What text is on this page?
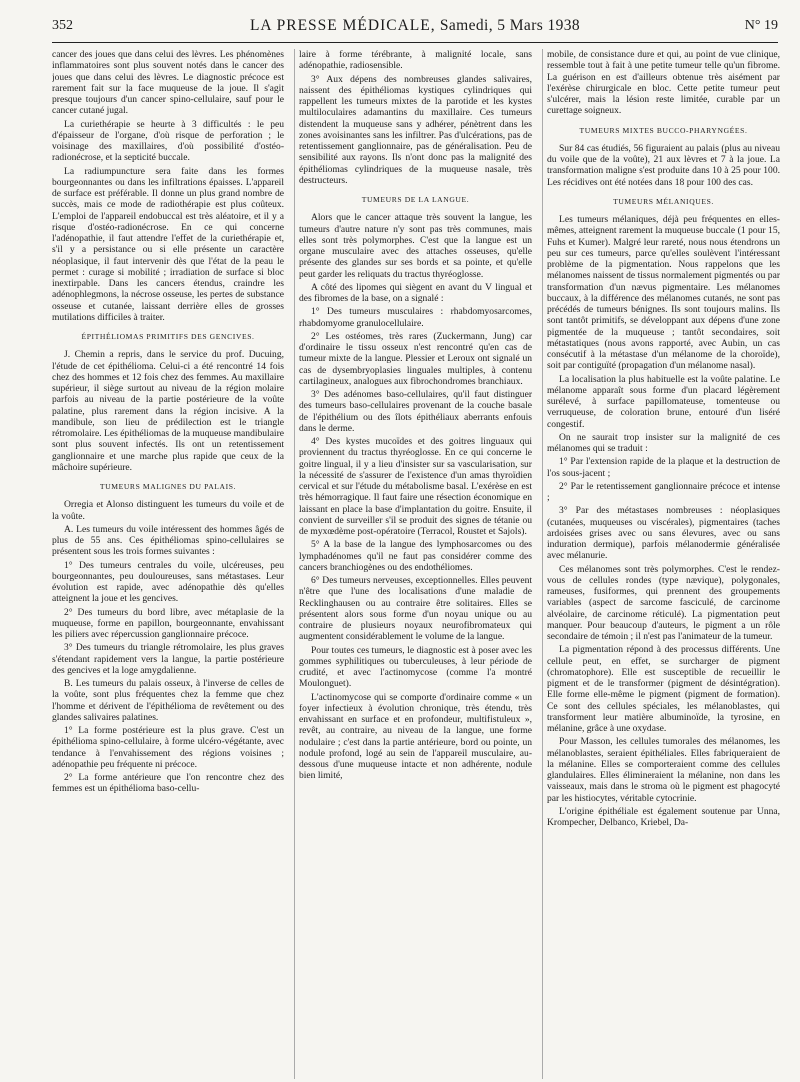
352	LA PRESSE MÉDICALE, Samedi, 5 Mars 1938	N° 19

cancer des joues que dans celui des lèvres. Les phénomènes inflammatoires sont plus souvent notés dans le cancer des joues que dans celui des lèvres. Le diagnostic précoce est rarement fait sur la face muqueuse de la joue. Il s'agit presque toujours d'un cancer spino-cellulaire, sauf pour le cancer cutané jugal.

La curiethérapie se heurte à 3 difficultés : le peu d'épaisseur de l'organe, d'où risque de perforation ; le voisinage des maxillaires, d'où possibilité d'ostéo-radionécrose, et la septicité buccale.

La radiumpuncture sera faite dans les formes bourgeonnantes ou dans les infiltrations épaisses. L'appareil de surface est préférable. Il donne un plus grand nombre de succès, mais ce mode de radiothérapie est plus coûteux. L'emploi de l'appareil endobuccal est très aléatoire, et il y a risque d'ostéo-radionécrose. En ce qui concerne l'adénopathie, il faut attendre l'effet de la curiethérapie et, s'il y a persistance ou si elle présente un caractère néoplasique, il faut intervenir dès que l'état de la peau le permet : curage si mobilité ; irradiation de surface si bloc inextirpable. Dans les cancers étendus, craindre les adénophlegmons, la nécrose osseuse, les pertes de substance osseuse et cutanée, laissant derrière elles de grosses mutilations difficiles à traiter.

ÉPITHÉLIOMAS PRIMITIFS DES GENCIVES.

J. Chemin a repris, dans le service du prof. Ducuing, l'étude de cet épithélioma. Celui-ci a été rencontré 14 fois chez des hommes et 12 fois chez des femmes. Au maxillaire supérieur, il siège surtout au niveau de la région molaire parfois au niveau de la partie postérieure de la voûte palatine, plus rarement dans la région incisive. A la mandibule, son lieu de prédilection est le triangle rétromolaire. Les épithéliomas de la muqueuse mandibulaire sont plus souvent infectés. Ils ont un retentissement ganglionnaire et une marche plus rapide que ceux de la mâchoire supérieure.

TUMEURS MALIGNES DU PALAIS.

Orregia et Alonso distinguent les tumeurs du voile et de la voûte.

A. Les tumeurs du voile intéressent des hommes âgés de plus de 55 ans. Ces épithéliomas spino-cellulaires se présentent sous les trois formes suivantes :

1° Des tumeurs centrales du voile, ulcéreuses, peu bourgeonnantes, peu douloureuses, sans métastases. Leur évolution est rapide, avec adénopathie dès qu'elles atteignent la joue et les gencives.

2° Des tumeurs du bord libre, avec métaplasie de la muqueuse, forme en papillon, bourgeonnante, envahissant les piliers avec répercussion ganglionnaire précoce.

3° Des tumeurs du triangle rétromolaire, les plus graves s'étendant rapidement vers la langue, la partie postérieure des gencives et la loge amygdalienne.

B. Les tumeurs du palais osseux, à l'inverse de celles de la voûte, sont plus fréquentes chez la femme que chez l'homme et dérivent de l'épithélioma de revêtement ou des glandes salivaires palatines.

1° La forme postérieure est la plus grave. C'est un épithélioma spino-cellulaire, à forme ulcéro-végétante, avec tendance à l'envahissement des régions voisines ; adénopathie peu fréquente ni précoce.

2° La forme antérieure que l'on rencontre chez des femmes est un épithélioma baso-cellu-

laire à forme térébrante, à malignité locale, sans adénopathie, radiosensible.

3° Aux dépens des nombreuses glandes salivaires, naissent des épithéliomas kystiques cylindriques qui rappellent les tumeurs mixtes de la parotide et les kystes multiloculaires adamantins du maxillaire. Ces tumeurs distendent la muqueuse sans y adhérer, pénètrent dans les zones avoisinantes sans les infiltrer. Pas d'ulcérations, pas de retentissement ganglionnaire, pas de généralisation. Peu de sensibilité aux rayons. Ils n'ont donc pas la malignité des épithéliomas cylindriques de la muqueuse nasale, très destructeurs.

TUMEURS DE LA LANGUE.

Alors que le cancer attaque très souvent la langue, les tumeurs d'autre nature n'y sont pas très communes, mais elles sont très polymorphes. C'est que la langue est un organe musculaire avec des attaches osseuses, qu'elle présente des glandes sur ses bords et sa pointe, et qu'elle peut garder les reliquats du tractus thyréoglosse.

A côté des lipomes qui siègent en avant du V lingual et des fibromes de la base, on a signalé :

1° Des tumeurs musculaires : rhabdomyosarcomes, rhabdomyome granulocellulaire.

2° Les ostéomes, très rares (Zuckermann, Jung) car d'ordinaire le tissu osseux n'est rencontré qu'en cas de tumeur mixte de la langue. Plessier et Leroux ont signalé un cas de dysembryoplasies linguales multiples, à contenu cartilagineux, analogues aux fibrochondromes branchiaux.

3° Des adénomes baso-cellulaires, qu'il faut distinguer des tumeurs baso-cellulaires provenant de la couche basale de l'épithélium ou des îlots épithéliaux aberrants enfouis dans le derme.

4° Des kystes mucoïdes et des goitres linguaux qui proviennent du tractus thyréoglosse. En ce qui concerne le goitre lingual, il y a lieu d'insister sur sa vascularisation, sur la nécessité de s'assurer de l'existence d'un amas thyroïdien cervical et sur l'étude du métabolisme basal. L'exérèse en est très hémorragique. Il faut faire une résection économique en laissant en place la base d'implantation du goitre. Ensuite, il convient de surveiller s'il se produit des signes de tétanie ou de myxœdème post-opératoire (Terracol, Roustet et Sajols).

5° A la base de la langue des lymphosarcomes ou des lymphadénomes qu'il ne faut pas considérer comme des cancers branchiogènes ou des endothéliomes.

6° Des tumeurs nerveuses, exceptionnelles. Elles peuvent n'être que l'une des localisations d'une maladie de Recklinghausen ou au contraire être solitaires. Elles se présentent alors sous forme d'un noyau unique ou au contraire de plusieurs noyaux neurofibromateux qui augmentent considérablement le volume de la langue.

Pour toutes ces tumeurs, le diagnostic est à poser avec les gommes syphilitiques ou tuberculeuses, à leur période de crudité, et avec l'actinomycose (comme l'a montré Moulonguet).

L'actinomycose qui se comporte d'ordinaire comme « un foyer infectieux à évolution chronique, très étendu, très envahissant en surface et en profondeur, multifistuleux », revêt, au contraire, au niveau de la langue, une forme nodulaire ; c'est dans la partie antérieure, bord ou pointe, un nodule profond, logé au sein de l'appareil musculaire, au-dessous d'une muqueuse intacte et non adhérente, nodule bien limité,

mobile, de consistance dure et qui, au point de vue clinique, ressemble tout à fait à une petite tumeur telle qu'un fibrome. La guérison en est d'ailleurs obtenue très aisément par l'exérèse chirurgicale en bloc. Cette petite tumeur peut s'ulcérer, mais la lésion reste limitée, curable par un curettage soigneux.

TUMEURS MIXTES BUCCO-PHARYNGÉES.

Sur 84 cas étudiés, 56 figuraient au palais (plus au niveau du voile que de la voûte), 21 aux lèvres et 7 à la joue. La transformation maligne s'est produite dans 10 à 25 pour 100. Les récidives ont été notées dans 18 pour 100 des cas.

TUMEURS MÉLANIQUES.

Les tumeurs mélaniques, déjà peu fréquentes en elles-mêmes, atteignent rarement la muqueuse buccale (1 pour 15, Fuhs et Kumer). Malgré leur rareté, nous nous étendrons un peu sur ces tumeurs, parce qu'elles soulèvent l'intéressant problème de la pigmentation. Nous rappelons que les mélanomes naissent de tissus normalement pigmentés ou par transformation d'un nævus pigmentaire. Les mélanomes buccaux, à la différence des mélanomes cutanés, ne sont pas précédés de tumeurs bénignes. Ils sont toujours malins. Ils sont tantôt primitifs, se développant aux dépens d'une zone pigmentée de la muqueuse ; tantôt secondaires, soit métastatiques (nous avons rapporté, avec Aubin, un cas consécutif à la métastase d'un mélanome de la choroïde), soit par contiguïté (propagation d'un mélanome nasal).

La localisation la plus habituelle est la voûte palatine. Le mélanome apparaît sous forme d'un placard légèrement surélevé, à surface papillomateuse, tomenteuse ou verruqueuse, de coloration brune, entouré d'un liséré congestif.

On ne saurait trop insister sur la malignité de ces mélanomes qui se traduit :

1° Par l'extension rapide de la plaque et la destruction de l'os sous-jacent ;

2° Par le retentissement ganglionnaire précoce et intense ;

3° Par des métastases nombreuses : néoplasiques (cutanées, muqueuses ou viscérales), pigmentaires (taches ardoisées grises avec ou sans élevures, avec ou sans induration dermique), parfois mélanodermie généralisée avec mélanurie.

Ces mélanomes sont très polymorphes. C'est le rendez-vous de cellules rondes (type nævique), polygonales, rameuses, fusiformes, qui prennent des groupements variables (aspect de sarcome fasciculé, de carcinome alvéolaire, de carcinome réticulé). La pigmentation peut manquer. Pour beaucoup d'auteurs, le pigment a un rôle secondaire de témoin ; il n'est pas l'animateur de la tumeur.

La pigmentation répond à des processus différents. Une cellule peut, en effet, se surcharger de pigment (chromatophore). Elle est susceptible de recueillir le pigment et de le transformer (pigment de désintégration). Elle forme elle-même le pigment (pigment de formation). Ce sont des cellules spéciales, les mélanoblastes, qui transforment leur matière albuminoïde, la tyrosine, en mélanine, grâce à une oxydase.

Pour Masson, les cellules tumorales des mélanomes, les mélanoblastes, seraient épithéliales. Elles fabriqueraient de la mélanine. Elles se comporteraient comme des cellules glandulaires. Elles élimineraient la mélanine, non dans les vaisseaux, mais dans le stroma où le pigment est phagocyté par les histiocytes, véritable cytocrinie.

L'origine épithéliale est également soutenue par Unna, Krompecher, Delbanco, Kriebel, Da-
